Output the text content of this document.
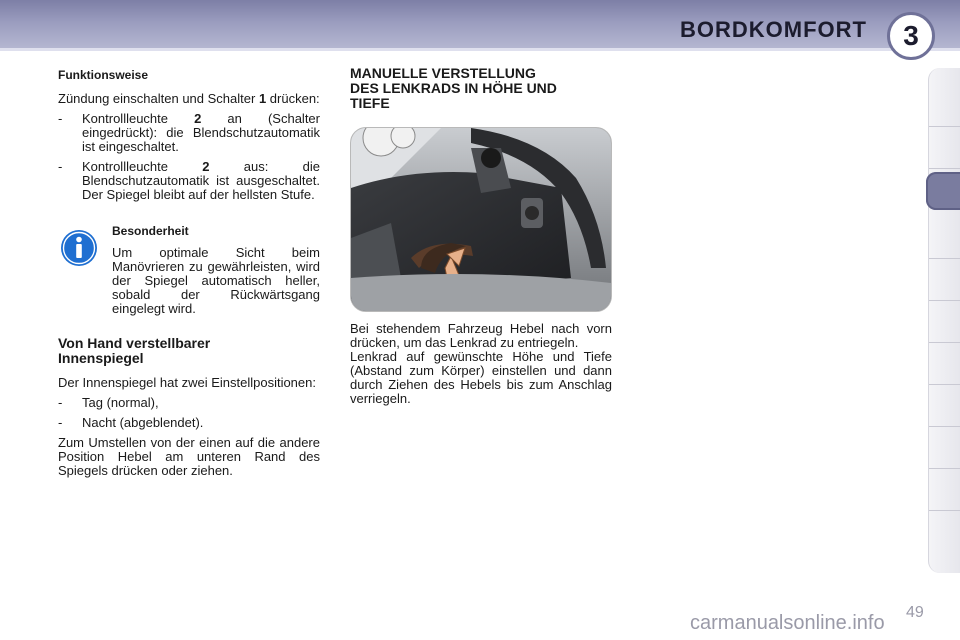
BORDKOMFORT	3
Funktionsweise

Zündung einschalten und Schalter 1 drücken:

- Kontrollleuchte 2 an (Schalter eingedrückt): die Blendschutzautomatik ist eingeschaltet.
- Kontrollleuchte 2 aus: die Blendschutzautomatik ist ausgeschaltet. Der Spiegel bleibt auf der hellsten Stufe.
Besonderheit

Um optimale Sicht beim Manövrieren zu gewährleisten, wird der Spiegel automatisch heller, sobald der Rückwärtsgang eingelegt wird.

Von Hand verstellbarer
Innenspiegel

Der Innenspiegel hat zwei Einstellpositionen:

- Tag (normal),
- Nacht (abgeblendet).

Zum Umstellen von der einen auf die andere Position Hebel am unteren Rand des Spiegels drücken oder ziehen.

MANUELLE VERSTELLUNG
DES LENKRADS IN HÖHE UND
TIEFE

Bei stehendem Fahrzeug Hebel nach vorn drücken, um das Lenkrad zu entriegeln.

Lenkrad auf gewünschte Höhe und Tiefe (Abstand zum Körper) einstellen und dann durch Ziehen des Hebels bis zum Anschlag verriegeln.

carmanualsonline.info 49
